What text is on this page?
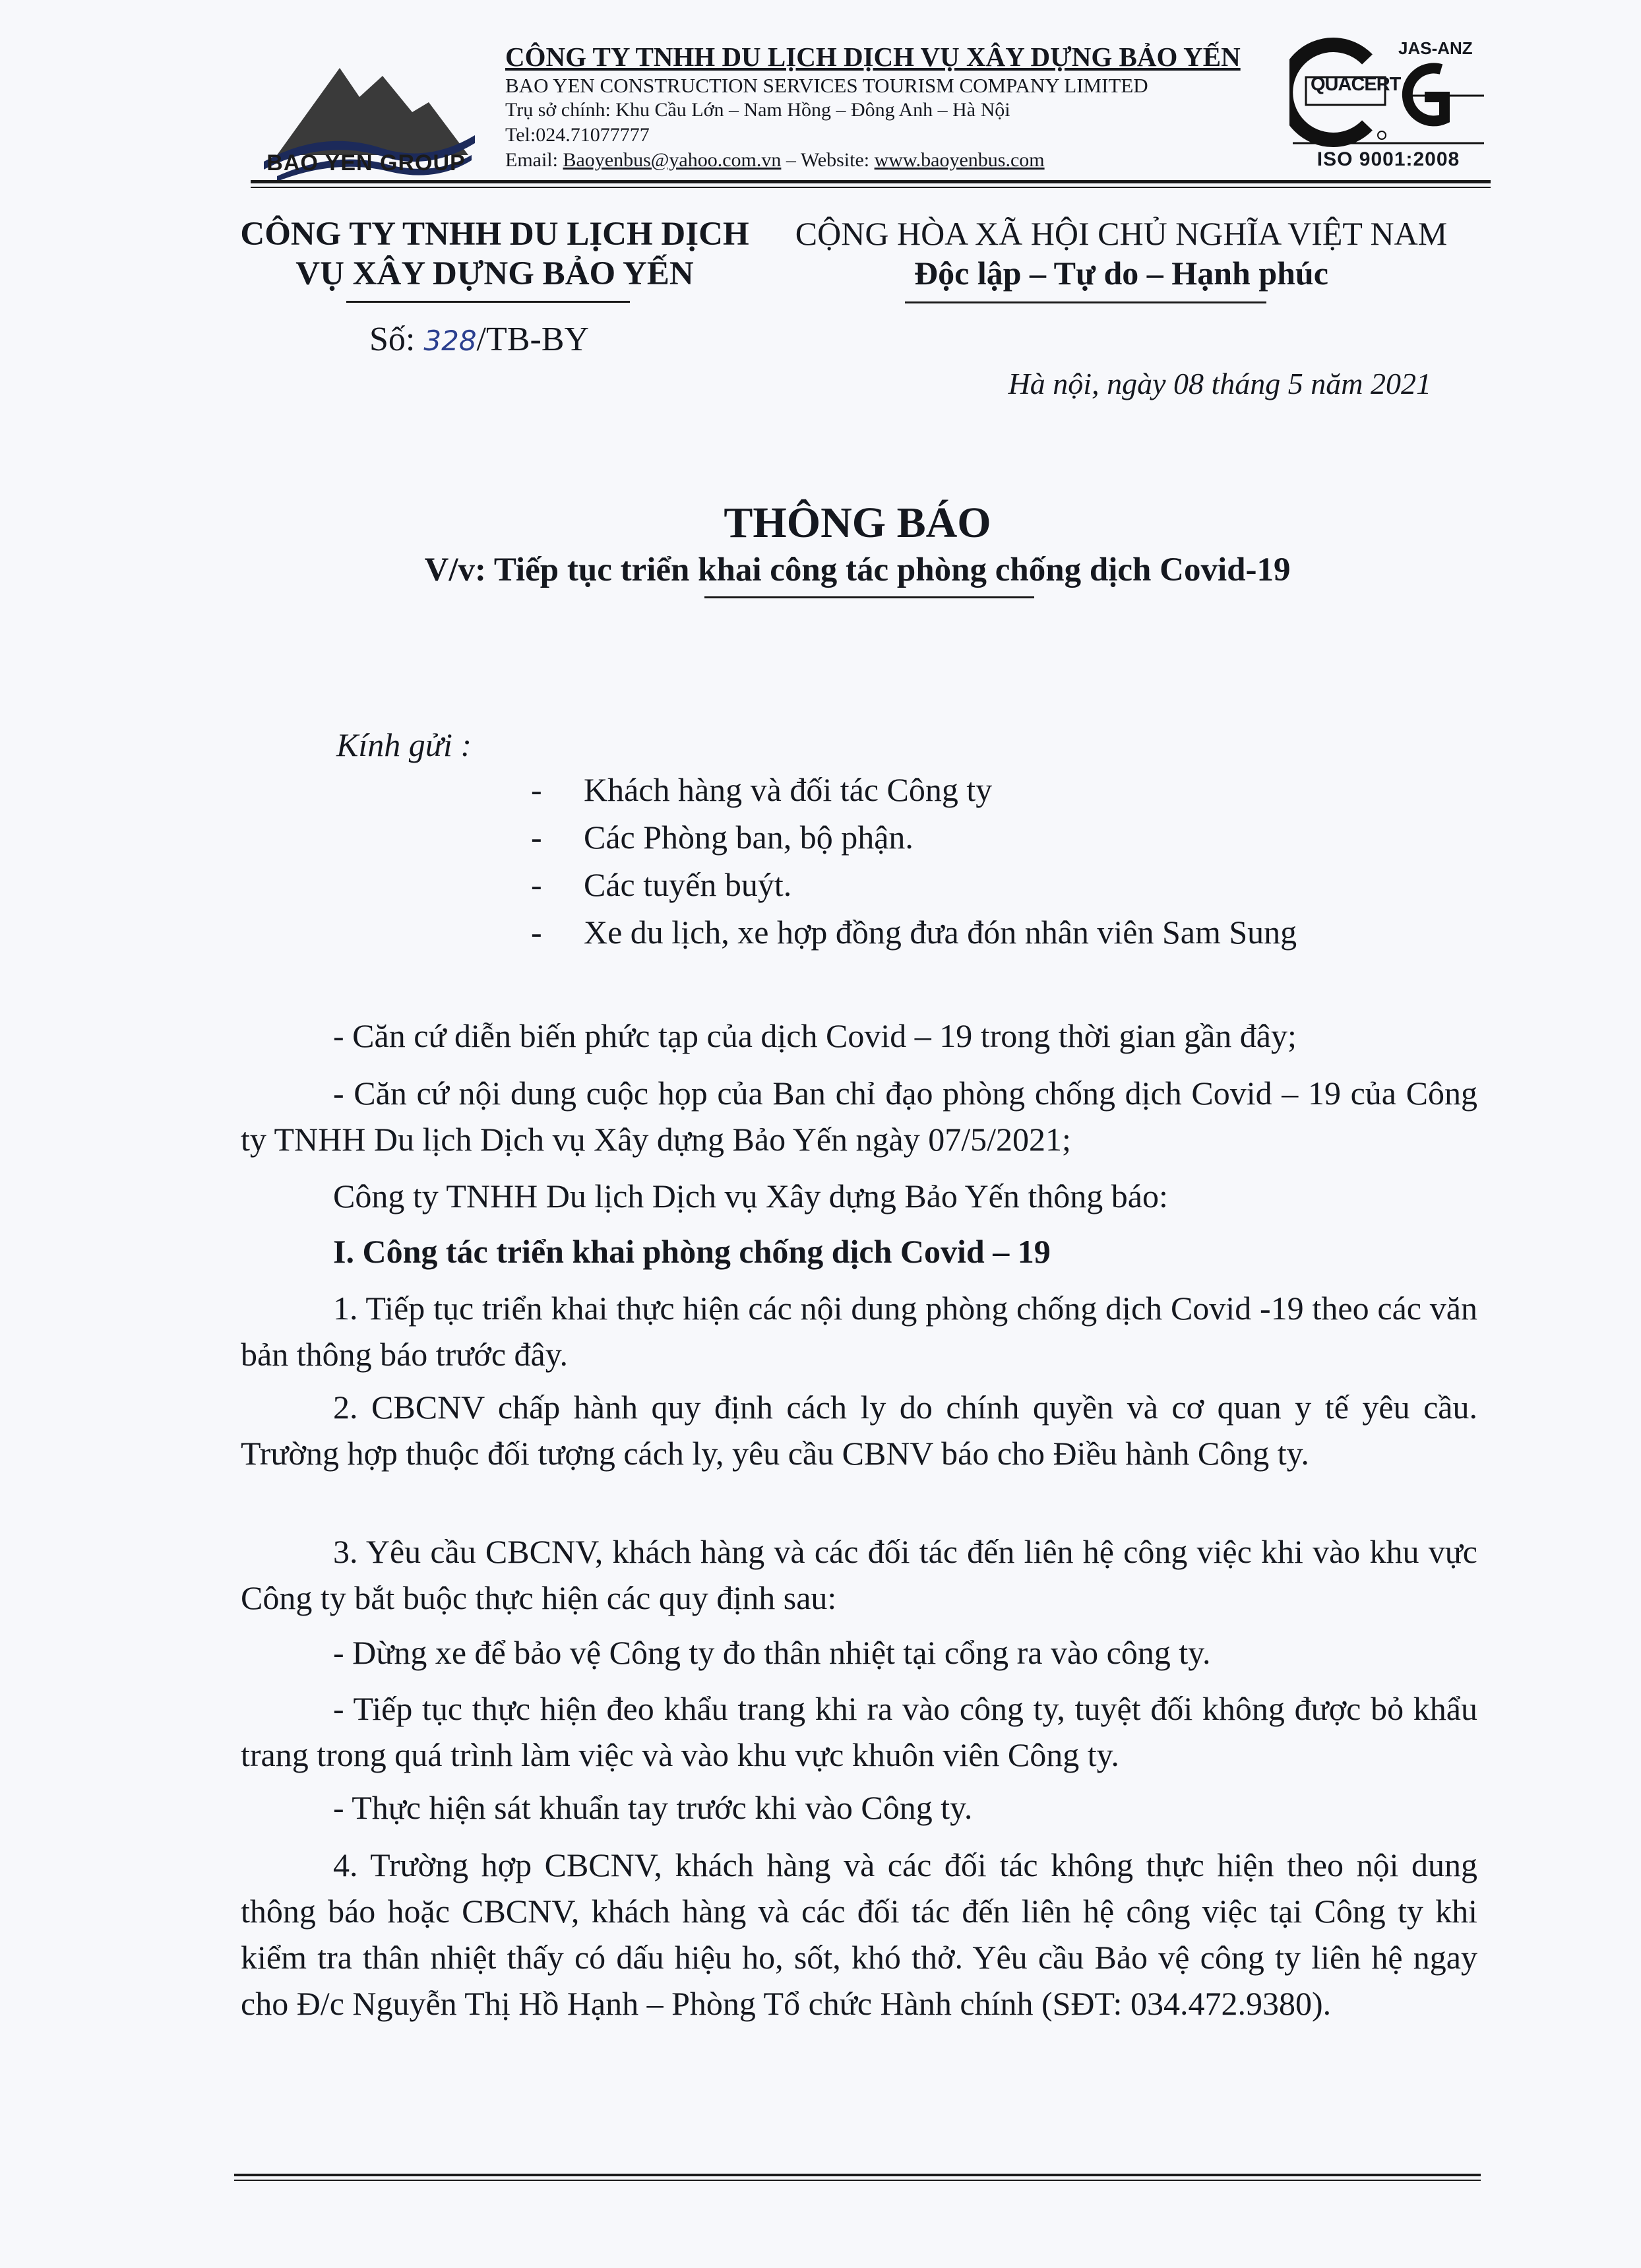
BAO YEN GROUP
CÔNG TY TNHH DU LỊCH DỊCH VỤ XÂY DỰNG BẢO YẾN
BAO YEN CONSTRUCTION SERVICES TOURISM COMPANY LIMITED
Trụ sở chính: Khu Cầu Lớn – Nam Hồng – Đông Anh – Hà Nội
Tel:024.71077777
Email: Baoyenbus@yahoo.com.vn – Website: www.baoyenbus.com
JAS-ANZ
QUACERT
ISO 9001:2008
CÔNG TY TNHH DU LỊCH DỊCH
VỤ XÂY DỰNG BẢO YẾN
Số: 328/TB-BY
CỘNG HÒA XÃ HỘI CHỦ NGHĨA VIỆT NAM
Độc lập – Tự do – Hạnh phúc
Hà nội, ngày 08 tháng 5 năm 2021
THÔNG BÁO
V/v: Tiếp tục triển khai công tác phòng chống dịch Covid-19
Kính gửi :
- Khách hàng và đối tác Công ty
- Các Phòng ban, bộ phận.
- Các tuyến buýt.
- Xe du lịch, xe hợp đồng đưa đón nhân viên Sam Sung
- Căn cứ diễn biến phức tạp của dịch Covid – 19 trong thời gian gần đây;
- Căn cứ nội dung cuộc họp của Ban chỉ đạo phòng chống dịch Covid – 19 của Công ty TNHH Du lịch Dịch vụ Xây dựng Bảo Yến ngày 07/5/2021;
Công ty TNHH Du lịch Dịch vụ Xây dựng Bảo Yến thông báo:
I. Công tác triển khai phòng chống dịch Covid – 19
1. Tiếp tục triển khai thực hiện các nội dung phòng chống dịch Covid -19 theo các văn bản thông báo trước đây.
2. CBCNV chấp hành quy định cách ly do chính quyền và cơ quan y tế yêu cầu. Trường hợp thuộc đối tượng cách ly, yêu cầu CBNV báo cho Điều hành Công ty.
3. Yêu cầu CBCNV, khách hàng và các đối tác đến liên hệ công việc khi vào khu vực Công ty bắt buộc thực hiện các quy định sau:
- Dừng xe để bảo vệ Công ty đo thân nhiệt tại cổng ra vào công ty.
- Tiếp tục thực hiện đeo khẩu trang khi ra vào công ty, tuyệt đối không được bỏ khẩu trang trong quá trình làm việc và vào khu vực khuôn viên Công ty.
- Thực hiện sát khuẩn tay trước khi vào Công ty.
4. Trường hợp CBCNV, khách hàng và các đối tác không thực hiện theo nội dung thông báo hoặc CBCNV, khách hàng và các đối tác đến liên hệ công việc tại Công ty khi kiểm tra thân nhiệt thấy có dấu hiệu ho, sốt, khó thở. Yêu cầu Bảo vệ công ty liên hệ ngay cho Đ/c Nguyễn Thị Hồ Hạnh – Phòng Tổ chức Hành chính (SĐT: 034.472.9380).
